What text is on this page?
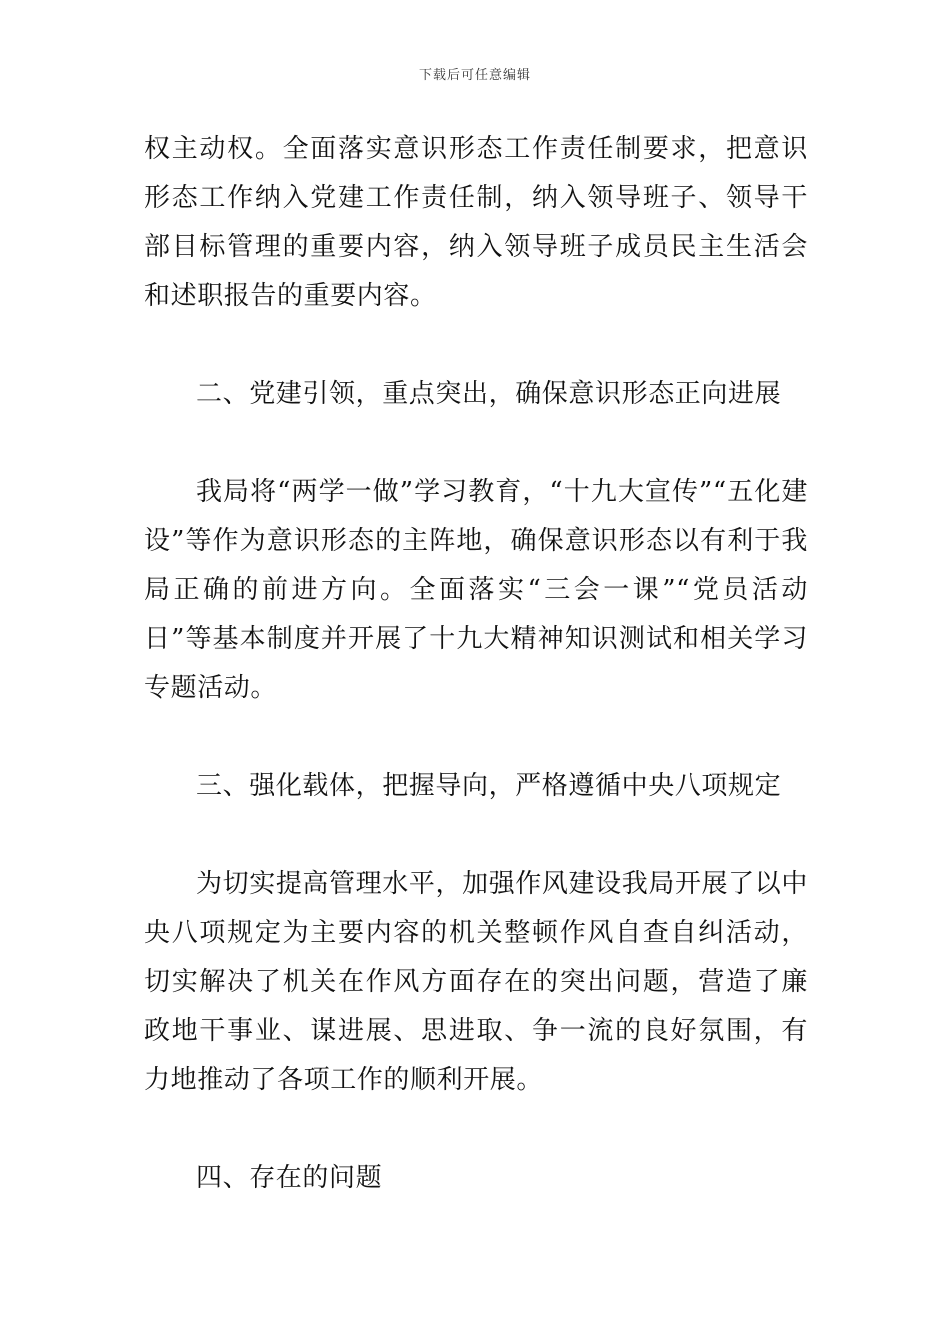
下载后可任意编辑

权主动权。全面落实意识形态工作责任制要求，把意识形态工作纳入党建工作责任制，纳入领导班子、领导干部目标管理的重要内容，纳入领导班子成员民主生活会和述职报告的重要内容。

二、党建引领，重点突出，确保意识形态正向进展

我局将“两学一做”学习教育，“十九大宣传”“五化建设”等作为意识形态的主阵地，确保意识形态以有利于我局正确的前进方向。全面落实“三会一课”“党员活动日”等基本制度并开展了十九大精神知识测试和相关学习专题活动。

三、强化载体，把握导向，严格遵循中央八项规定

为切实提高管理水平，加强作风建设我局开展了以中央八项规定为主要内容的机关整顿作风自查自纠活动，切实解决了机关在作风方面存在的突出问题，营造了廉政地干事业、谋进展、思进取、争一流的良好氛围，有力地推动了各项工作的顺利开展。

四、存在的问题
